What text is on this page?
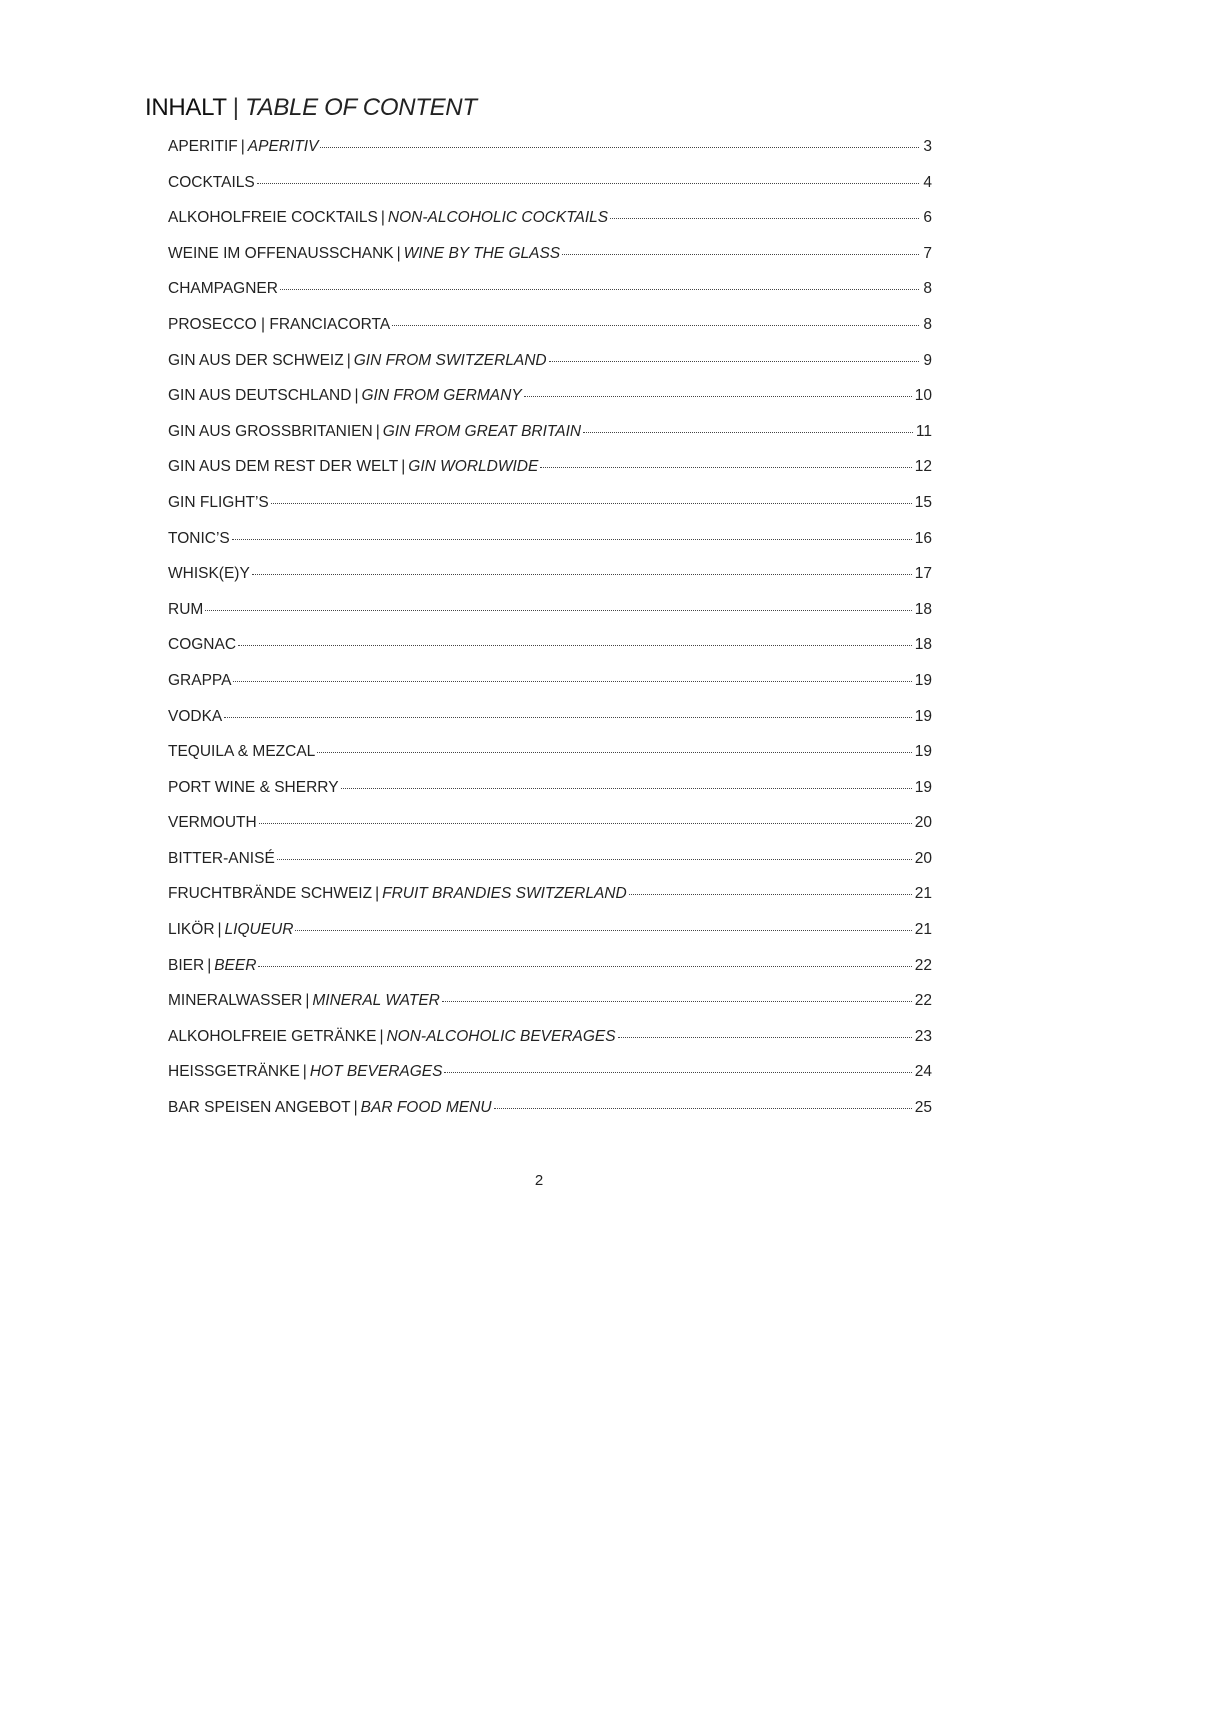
INHALT | TABLE OF CONTENT
APERITIF | APERITIV	3
COCKTAILS	4
ALKOHOLFREIE COCKTAILS | NON-ALCOHOLIC COCKTAILS	6
WEINE IM OFFENAUSSCHANK | WINE BY THE GLASS	7
CHAMPAGNER	8
PROSECCO | FRANCIACORTA	8
GIN AUS DER SCHWEIZ | GIN FROM SWITZERLAND	9
GIN AUS DEUTSCHLAND | GIN FROM GERMANY	10
GIN AUS GROSSBRITANIEN | GIN FROM GREAT BRITAIN	11
GIN AUS DEM REST DER WELT | GIN WORLDWIDE	12
GIN FLIGHT’S	15
TONIC’S	16
WHISK(E)Y	17
RUM	18
COGNAC	18
GRAPPA	19
VODKA	19
TEQUILA & MEZCAL	19
PORT WINE & SHERRY	19
VERMOUTH	20
BITTER-ANISÉ	20
FRUCHTBRÄNDE SCHWEIZ | FRUIT BRANDIES SWITZERLAND	21
LIKÖR | LIQUEUR	21
BIER | BEER	22
MINERALWASSER | MINERAL WATER	22
ALKOHOLFREIE GETRÄNKE | NON-ALCOHOLIC BEVERAGES	23
HEISSGETRÄNKE | HOT BEVERAGES	24
BAR SPEISEN ANGEBOT | BAR FOOD MENU	25
2
